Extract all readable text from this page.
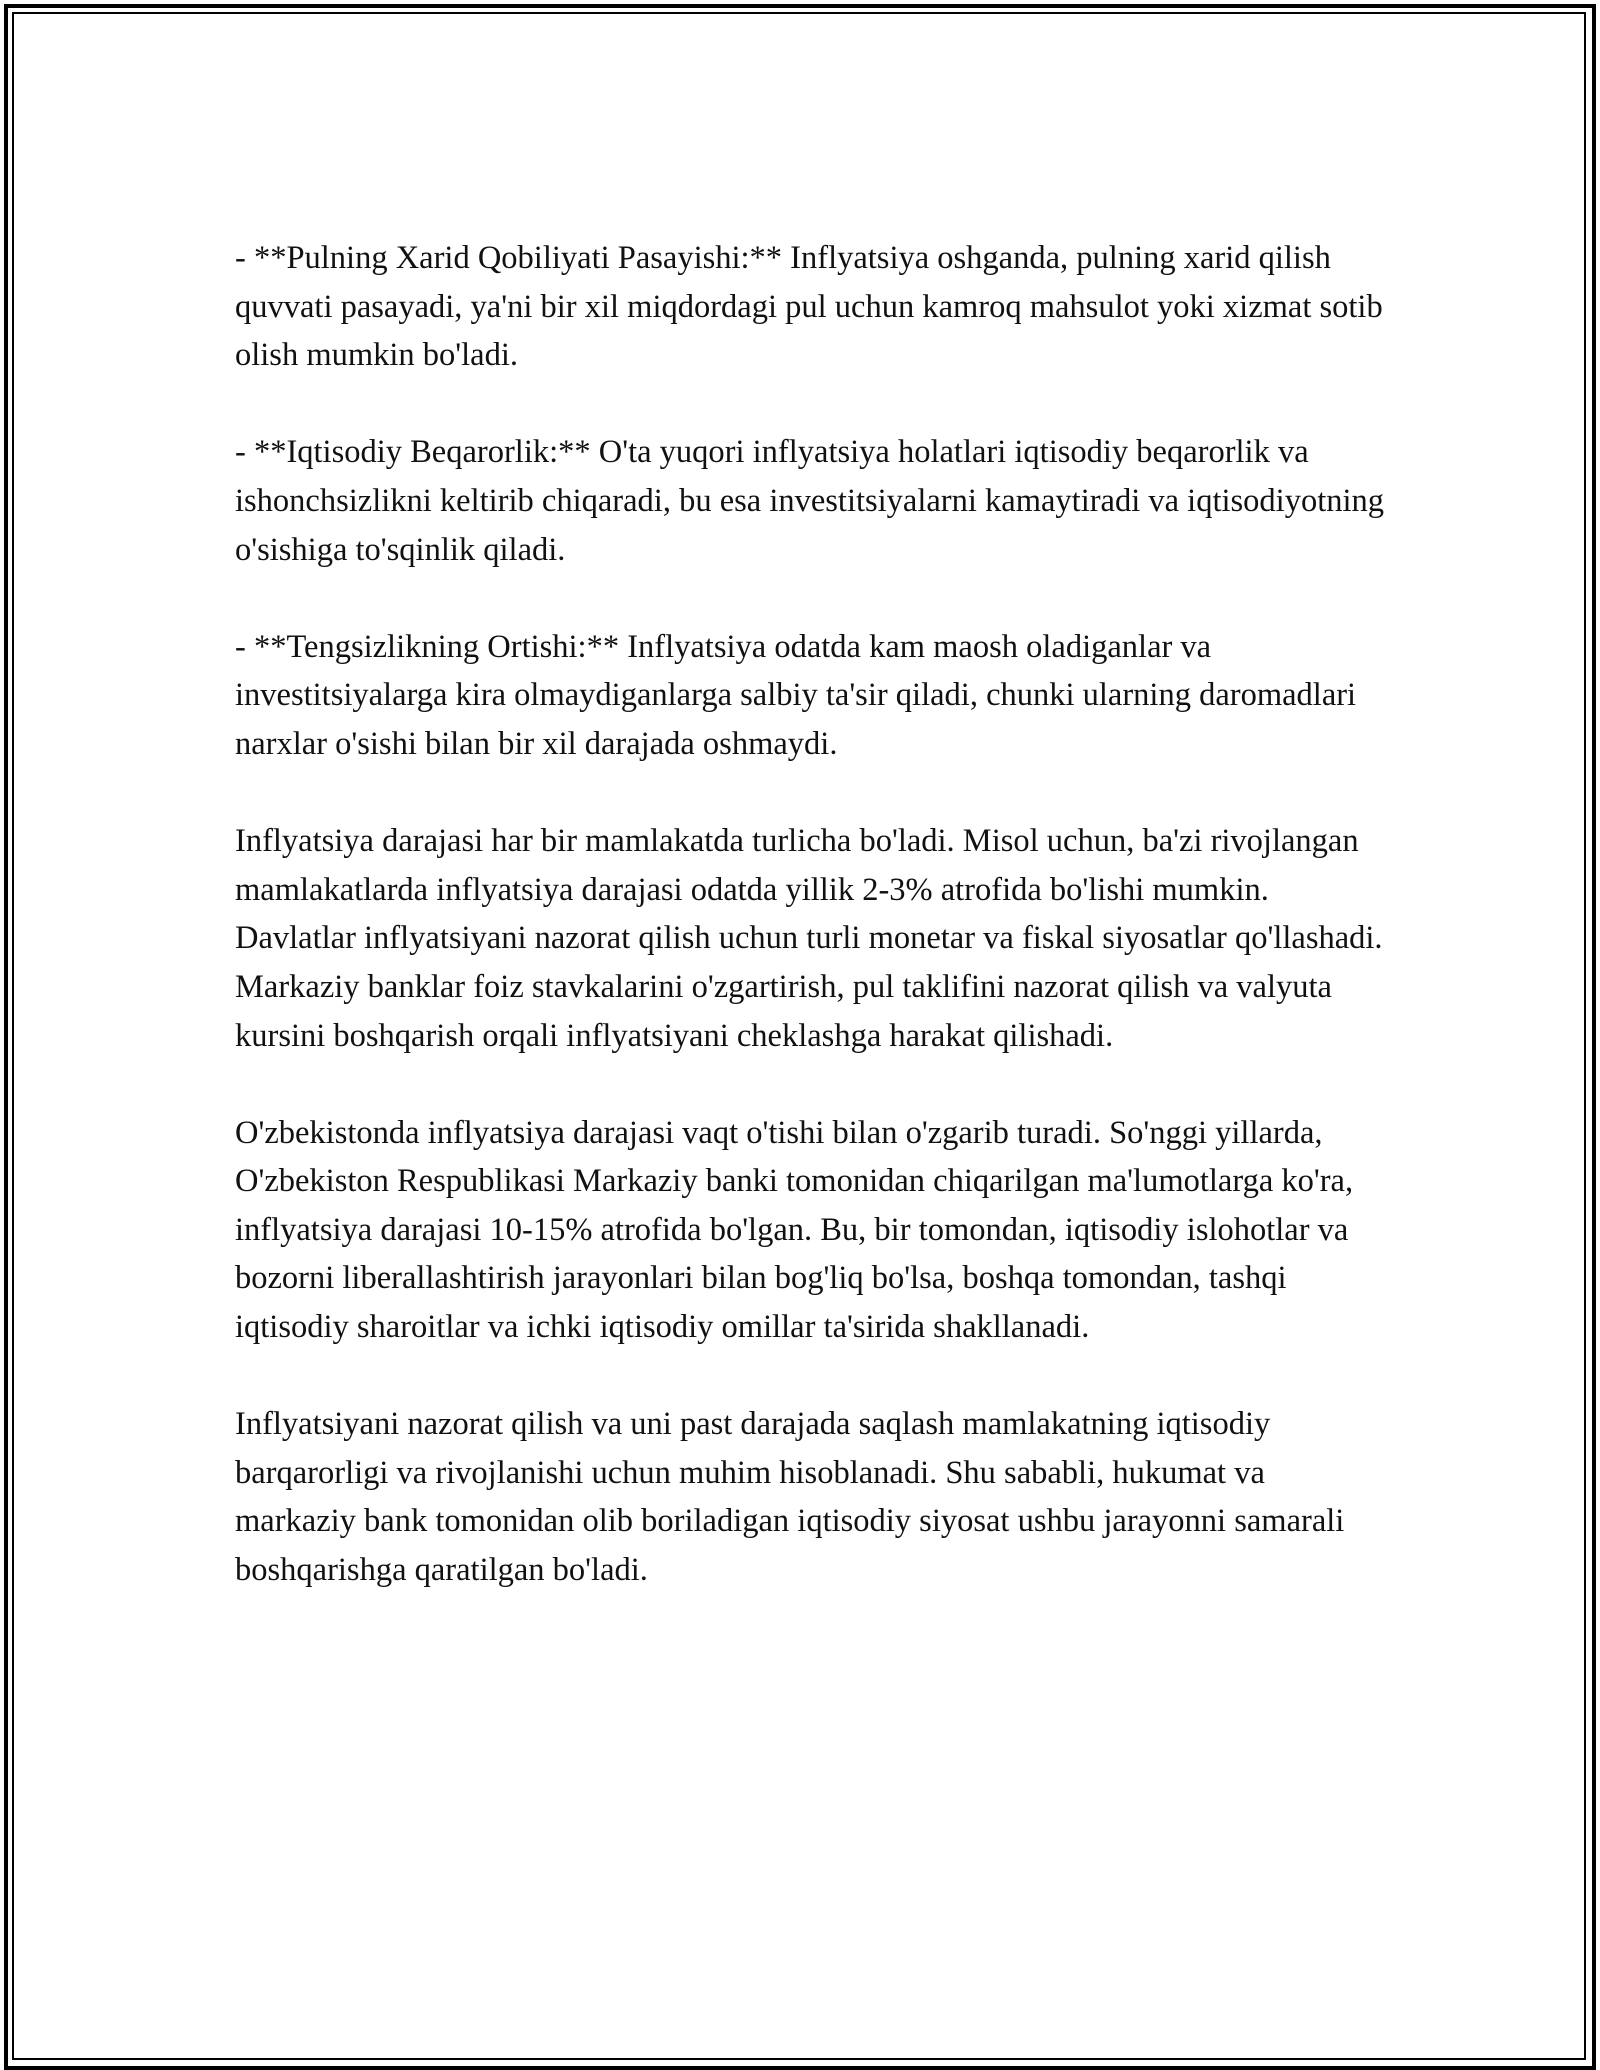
- **Pulning Xarid Qobiliyati Pasayishi:** Inflyatsiya oshganda, pulning xarid qilish quvvati pasayadi, ya'ni bir xil miqdordagi pul uchun kamroq mahsulot yoki xizmat sotib olish mumkin bo'ladi.

- **Iqtisodiy Beqarorlik:** O'ta yuqori inflyatsiya holatlari iqtisodiy beqarorlik va ishonchsizlikni keltirib chiqaradi, bu esa investitsiyalarni kamaytiradi va iqtisodiyotning o'sishiga to'sqinlik qiladi.

- **Tengsizlikning Ortishi:** Inflyatsiya odatda kam maosh oladiganlar va investitsiyalarga kira olmaydiganlarga salbiy ta'sir qiladi, chunki ularning daromadlari narxlar o'sishi bilan bir xil darajada oshmaydi.

Inflyatsiya darajasi har bir mamlakatda turlicha bo'ladi. Misol uchun, ba'zi rivojlangan mamlakatlarda inflyatsiya darajasi odatda yillik 2-3% atrofida bo'lishi mumkin. Davlatlar inflyatsiyani nazorat qilish uchun turli monetar va fiskal siyosatlar qo'llashadi. Markaziy banklar foiz stavkalarini o'zgartirish, pul taklifini nazorat qilish va valyuta kursini boshqarish orqali inflyatsiyani cheklashga harakat qilishadi.

O'zbekistonda inflyatsiya darajasi vaqt o'tishi bilan o'zgarib turadi. So'nggi yillarda, O'zbekiston Respublikasi Markaziy banki tomonidan chiqarilgan ma'lumotlarga ko'ra, inflyatsiya darajasi 10-15% atrofida bo'lgan. Bu, bir tomondan, iqtisodiy islohotlar va bozorni liberallashtirish jarayonlari bilan bog'liq bo'lsa, boshqa tomondan, tashqi iqtisodiy sharoitlar va ichki iqtisodiy omillar ta'sirida shakllanadi.

Inflyatsiyani nazorat qilish va uni past darajada saqlash mamlakatning iqtisodiy barqarorligi va rivojlanishi uchun muhim hisoblanadi. Shu sababli, hukumat va markaziy bank tomonidan olib boriladigan iqtisodiy siyosat ushbu jarayonni samarali boshqarishga qaratilgan bo'ladi.
